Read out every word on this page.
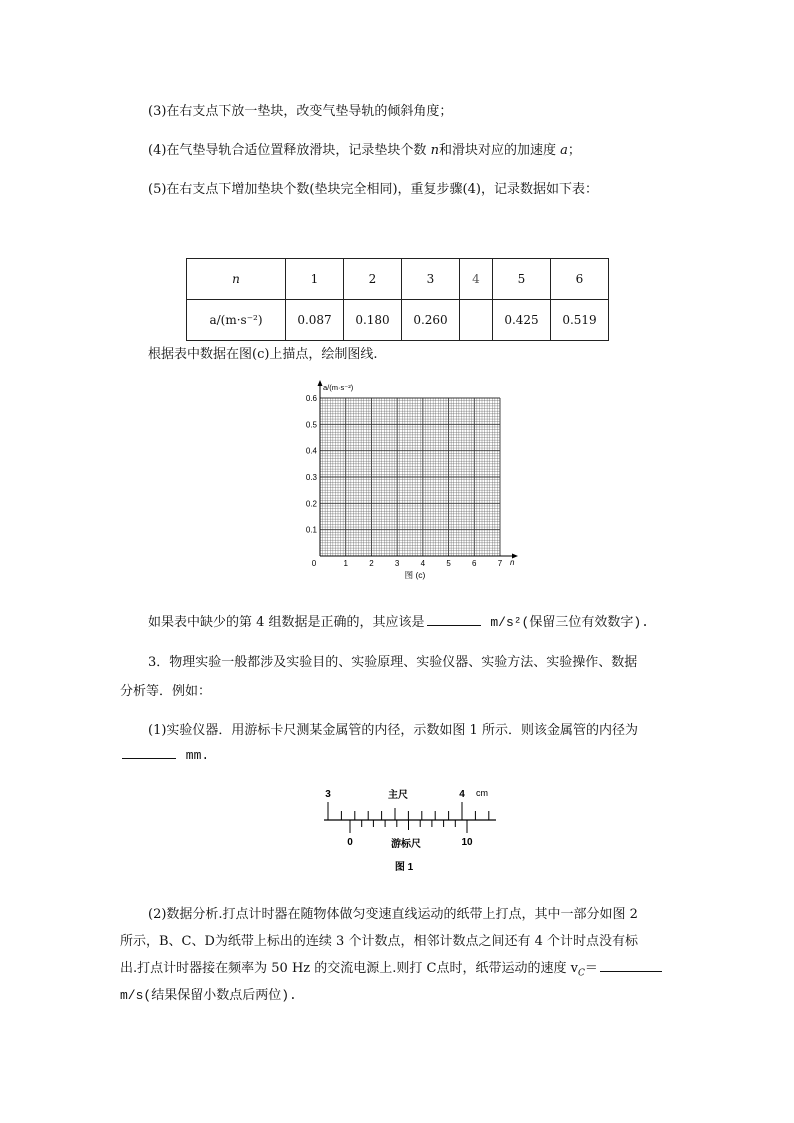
(3)在右支点下放一垫块，改变气垫导轨的倾斜角度；
(4)在气垫导轨合适位置释放滑块，记录垫块个数 n和滑块对应的加速度 a；
(5)在右支点下增加垫块个数(垫块完全相同)，重复步骤(4)，记录数据如下表：
n	1	2	3	4	5	6
a/(m·s⁻²)	0.087	0.180	0.260		0.425	0.519
根据表中数据在图(c)上描点，绘制图线.
0	1	2	3	4	5	6	7
0.1
0.2
0.3
0.4
0.5
0.6
a/(m·s⁻²)
n
图 (c)
如果表中缺少的第 4 组数据是正确的，其应该是	m/s²(保留三位有效数字).
3．物理实验一般都涉及实验目的、实验原理、实验仪器、实验方法、实验操作、数据
分析等．例如：
(1)实验仪器．用游标卡尺测某金属管的内径，示数如图 1 所示．则该金属管的内径为
mm.
3	4
主尺	cm
0	10
游标尺
图 1
(2)数据分析.打点计时器在随物体做匀变速直线运动的纸带上打点，其中一部分如图 2
所示，B、C、D为纸带上标出的连续 3 个计数点，相邻计数点之间还有 4 个计时点没有标
出.打点计时器接在频率为 50 Hz 的交流电源上.则打 C点时，纸带运动的速度 $v_C=$
m/s(结果保留小数点后两位).
